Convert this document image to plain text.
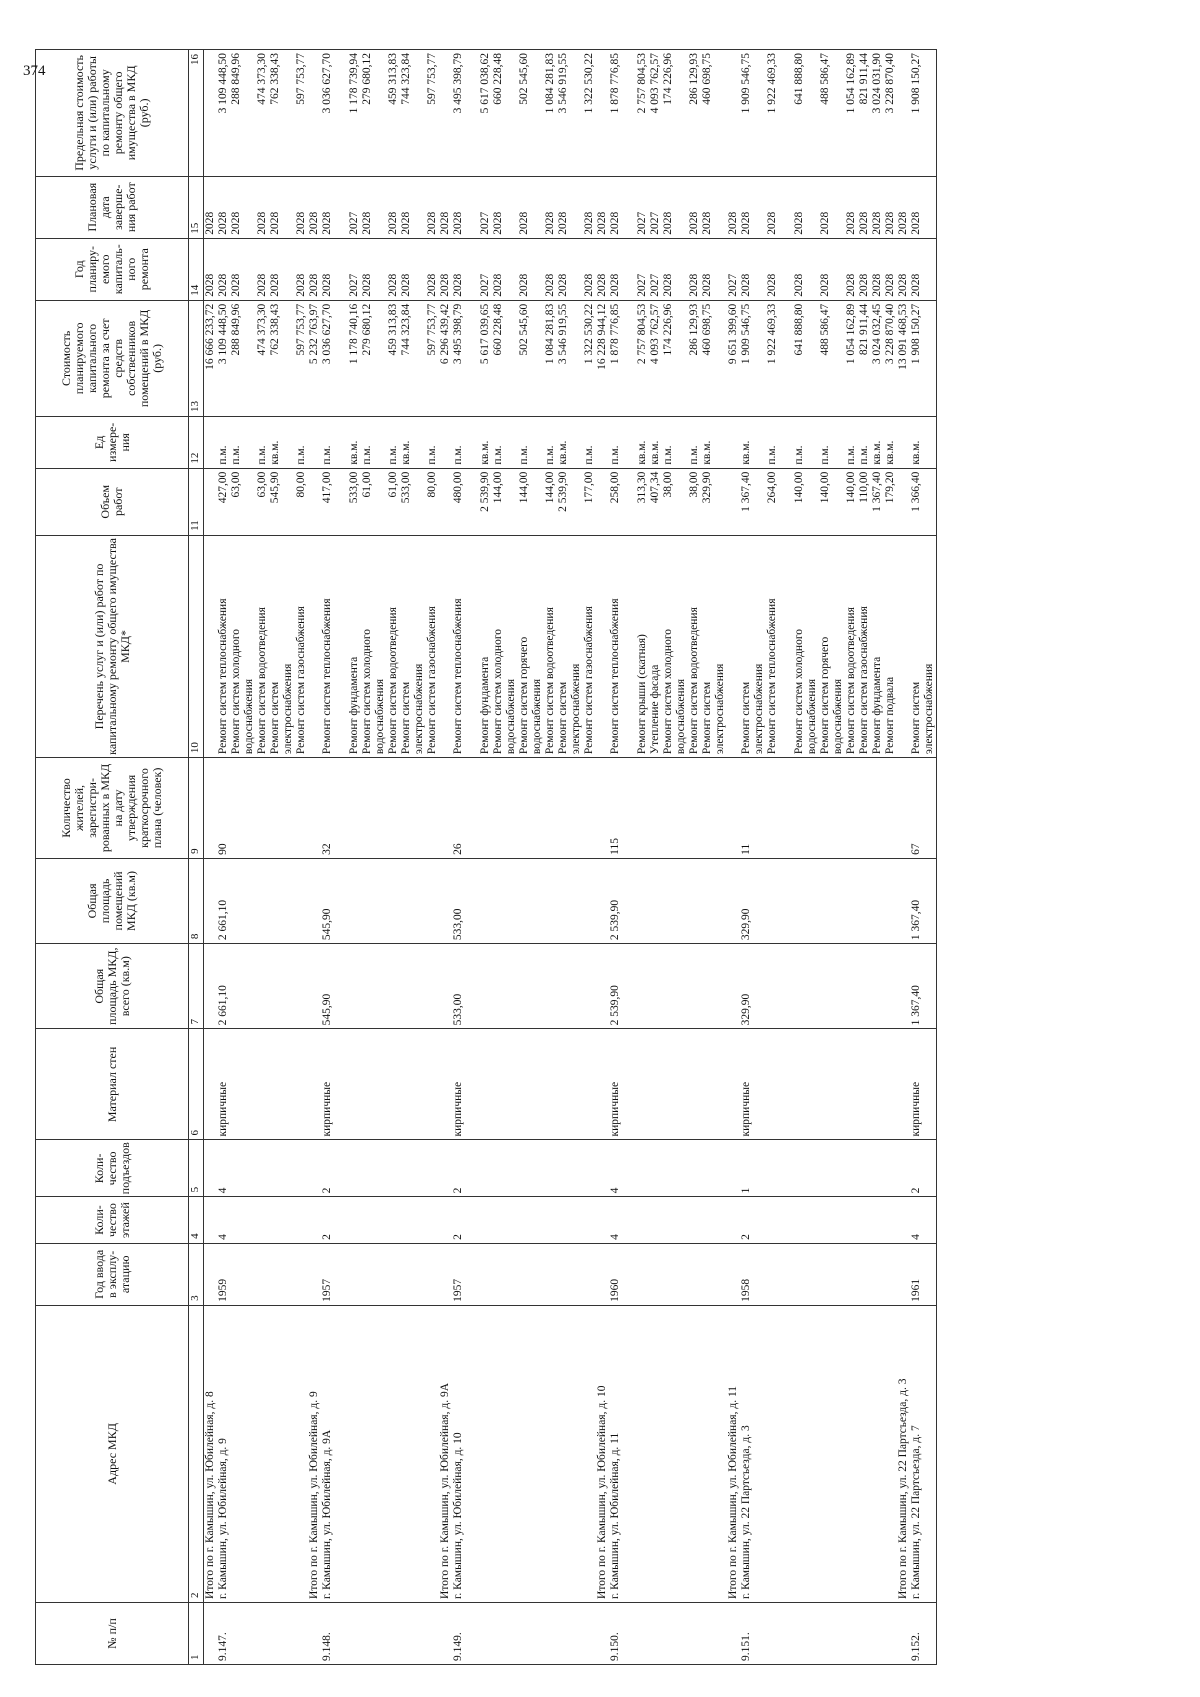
374
№ п/п	Адрес МКД	Год ввода в эксплу-атацию	Коли-чество этажей	Коли-чество подъездов	Материал стен	Общая площадь МКД, всего (кв.м)	Общая площадь помещений МКД (кв.м)	Количество жителей, зарегистри-рованных в МКД на дату утверждения краткосрочного плана (человек)	Перечень услуг и (или) работ по капитальному ремонту общего имущества МКД*	Объем работ	Ед измере-ния	Стоимость планируемого капитального ремонта за счет средств собственников помещений в МКД (руб.)	Год планиру-емого капиталь-ного ремонта	Плановая дата заверше-ния работ	Предельная стоимость услуги и (или) работы по капитальному ремонту общего имущества в МКД (руб.)
1	2	3	4	5	6	7	8	9	10	11	12	13	14	15	16
	Итого по г. Камышин, ул. Юбилейная, д. 8											16 666 233,72	2028	2028	
9.147.	г. Камышин, ул. Юбилейная, д. 9	1959	4	4	кирпичные	2 661,10	2 661,10	90	Ремонт систем теплоснабжения	427,00	п.м.	3 109 448,50	2028	2028	3 109 448,50
									Ремонт систем холодного	63,00	п.м.	288 849,96	2028	2028	288 849,96
									водоснабжения						
									Ремонт систем водоотведения	63,00	п.м.	474 373,30	2028	2028	474 373,30
									Ремонт систем	545,90	кв.м.	762 338,43	2028	2028	762 338,43
									электроснабжения						
									Ремонт систем газоснабжения	80,00	п.м.	597 753,77	2028	2028	597 753,77
	Итого по г. Камышин, ул. Юбилейная, д. 9											5 232 763,97	2028	2028	
9.148.	г. Камышин, ул. Юбилейная, д. 9А	1957	2	2	кирпичные	545,90	545,90	32	Ремонт систем теплоснабжения	417,00	п.м.	3 036 627,70	2028	2028	3 036 627,70

									Ремонт фундамента	533,00	кв.м.	1 178 740,16	2027	2027	1 178 739,94
									Ремонт систем холодного	61,00	п.м.	279 680,12	2028	2028	279 680,12
									водоснабжения						
									Ремонт систем водоотведения	61,00	п.м.	459 313,83	2028	2028	459 313,83
									Ремонт систем	533,00	кв.м.	744 323,84	2028	2028	744 323,84
									электроснабжения						
									Ремонт систем газоснабжения	80,00	п.м.	597 753,77	2028	2028	597 753,77
	Итого по г. Камышин, ул. Юбилейная, д. 9А											6 296 439,42	2028	2028	
9.149.	г. Камышин, ул. Юбилейная, д. 10	1957	2	2	кирпичные	533,00	533,00	26	Ремонт систем теплоснабжения	480,00	п.м.	3 495 398,79	2028	2028	3 495 398,79

									Ремонт фундамента	2 539,90	кв.м.	5 617 039,65	2027	2027	5 617 038,62
									Ремонт систем холодного	144,00	п.м.	660 228,48	2028	2028	660 228,48
									водоснабжения						
									Ремонт систем горячего	144,00	п.м.	502 545,60	2028	2028	502 545,60
									водоснабжения						
									Ремонт систем водоотведения	144,00	п.м.	1 084 281,83	2028	2028	1 084 281,83
									Ремонт систем	2 539,90	кв.м.	3 546 919,55	2028	2028	3 546 919,55
									электроснабжения						
									Ремонт систем газоснабжения	177,00	п.м.	1 322 530,22	2028	2028	1 322 530,22
	Итого по г. Камышин, ул. Юбилейная, д. 10											16 228 944,12	2028	2028	
9.150.	г. Камышин, ул. Юбилейная, д. 11	1960	4	4	кирпичные	2 539,90	2 539,90	115	Ремонт систем теплоснабжения	258,00	п.м.	1 878 776,85	2028	2028	1 878 776,85

									Ремонт крыши (скатная)	313,30	кв.м.	2 757 804,53	2027	2027	2 757 804,53
									Утепление фасада	407,34	кв.м.	4 093 762,57	2027	2027	4 093 762,57
									Ремонт систем холодного	38,00	п.м.	174 226,96	2028	2028	174 226,96
									водоснабжения						
									Ремонт систем водоотведения	38,00	п.м.	286 129,93	2028	2028	286 129,93
									Ремонт систем	329,90	кв.м.	460 698,75	2028	2028	460 698,75
									электроснабжения						
	Итого по г. Камышин, ул. Юбилейная, д. 11											9 651 399,60	2027	2028	
9.151.	г. Камышин, ул. 22 Партсъезда, д. 3	1958	2	1	кирпичные	329,90	329,90	11	Ремонт систем	1 367,40	кв.м.	1 909 546,75	2028	2028	1 909 546,75
									электроснабжения						
									Ремонт систем теплоснабжения	264,00	п.м.	1 922 469,33	2028	2028	1 922 469,33

									Ремонт систем холодного	140,00	п.м.	641 888,80	2028	2028	641 888,80
									водоснабжения						
									Ремонт систем горячего	140,00	п.м.	488 586,47	2028	2028	488 586,47
									водоснабжения						
									Ремонт систем водоотведения	140,00	п.м.	1 054 162,89	2028	2028	1 054 162,89
									Ремонт систем газоснабжения	110,00	п.м.	821 911,44	2028	2028	821 911,44
									Ремонт фундамента	1 367,40	кв.м.	3 024 032,45	2028	2028	3 024 031,90
									Ремонт подвала	179,20	кв.м.	3 228 870,40	2028	2028	3 228 870,40
	Итого по г. Камышин, ул. 22 Партсъезда, д. 3											13 091 468,53	2028	2028	
9.152.	г. Камышин, ул. 22 Партсъезда, д. 7	1961	4	2	кирпичные	1 367,40	1 367,40	67	Ремонт систем	1 366,40	кв.м.	1 908 150,27	2028	2028	1 908 150,27
									электроснабжения						
